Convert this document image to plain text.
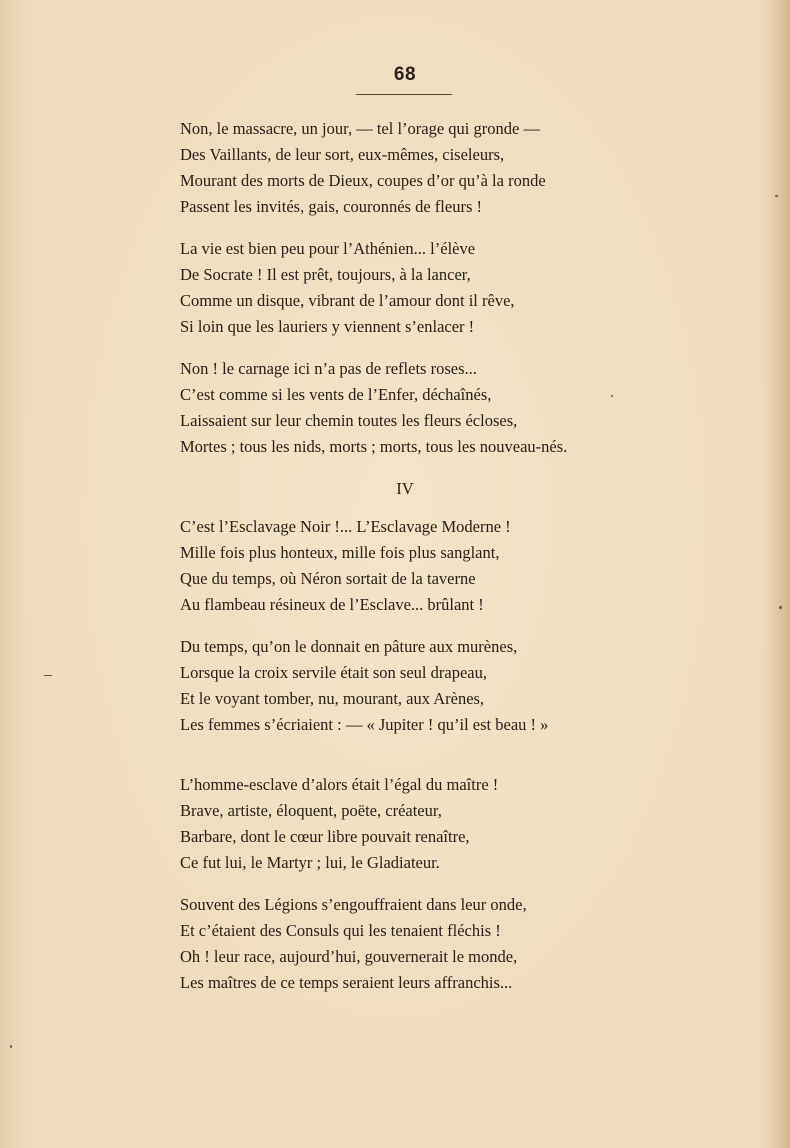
68
Non, le massacre, un jour, — tel l’orage qui gronde —
Des Vaillants, de leur sort, eux-mêmes, ciseleurs,
Mourant des morts de Dieux, coupes d’or qu’à la ronde
Passent les invités, gais, couronnés de fleurs !
La vie est bien peu pour l’Athénien... l’élève
De Socrate ! Il est prêt, toujours, à la lancer,
Comme un disque, vibrant de l’amour dont il rêve,
Si loin que les lauriers y viennent s’enlacer !
Non ! le carnage ici n’a pas de reflets roses...
C’est comme si les vents de l’Enfer, déchaînés,
Laissaient sur leur chemin toutes les fleurs écloses,
Mortes ; tous les nids, morts ; morts, tous les nouveau-nés.
IV
C’est l’Esclavage Noir !... L’Esclavage Moderne !
Mille fois plus honteux, mille fois plus sanglant,
Que du temps, où Néron sortait de la taverne
Au flambeau résineux de l’Esclave... brûlant !
Du temps, qu’on le donnait en pâture aux murènes,
Lorsque la croix servile était son seul drapeau,
Et le voyant tomber, nu, mourant, aux Arènes,
Les femmes s’écriaient : — « Jupiter ! qu’il est beau ! »
L’homme-esclave d’alors était l’égal du maître !
Brave, artiste, éloquent, poëte, créateur,
Barbare, dont le cœur libre pouvait renaître,
Ce fut lui, le Martyr ; lui, le Gladiateur.
Souvent des Légions s’engouffraient dans leur onde,
Et c’étaient des Consuls qui les tenaient fléchis !
Oh ! leur race, aujourd’hui, gouvernerait le monde,
Les maîtres de ce temps seraient leurs affranchis...
